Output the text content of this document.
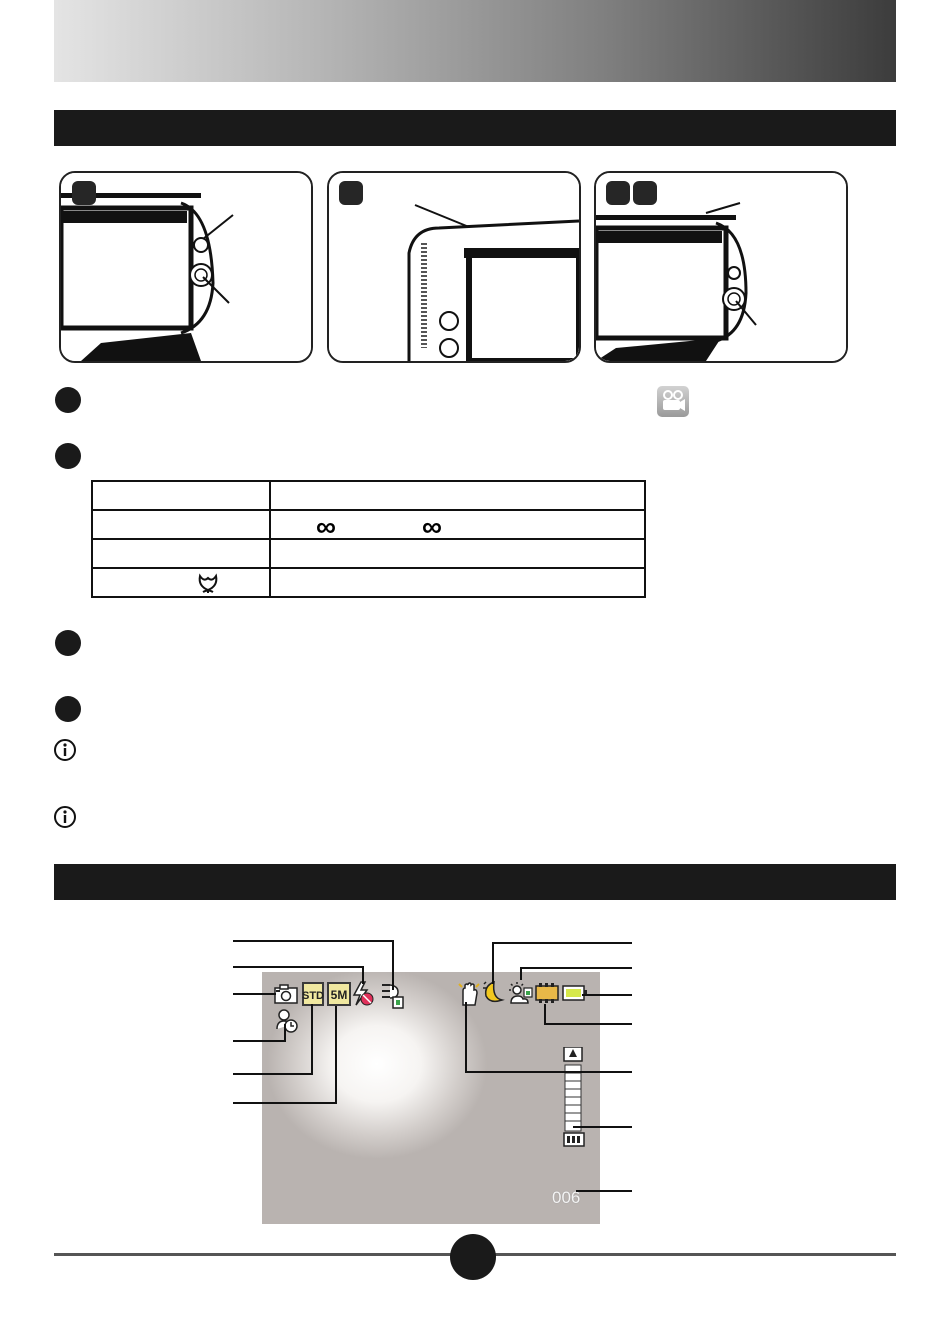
	∞ ∞

STD 5M
006
